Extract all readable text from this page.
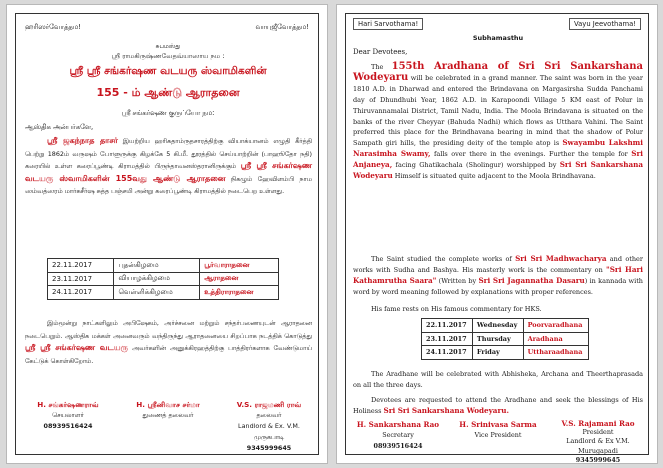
ஹரிஸர்வோத்தம!	வாயுஜீவோத்தம!
சுபமஸ்து
ஸ்ரீ ராமகிருஷ்ணவேதவ்யாஸாய நம :
ஸ்ரீ ஸ்ரீ சங்கர்ஷண வடயரு ஸ்வாமிகளின்
155 - ம் ஆண்டு ஆராதனை
ஸ்ரீ சங்கர்ஷண குருப்யோ நம:
ஆஸ்திக அன்பர்களே,
ஸ்ரீ ஜகந்நாத தாசர் இயற்றிய ஹரிகதாம்ருதசாரத்திற்கு வியாக்யானம் எழுதி கீர்த்தி பெற்று 1862ம் வருஷம் போளுருக்கு கிழக்கே 5 கி.மீ. தூரத்தில் செய்யாற்றின் (பாஹூதோ நதி) கரையில் உள்ள கரைப்பூண்டி கிராமத்தில் பிருந்தாவனஸ்தரானிருக்கும் ஸ்ரீ ஸ்ரீ சங்கர்ஷண வடயரு ஸ்வாமிகளின் 155வது ஆண்டு ஆராதனை நிகழும் ஹேவிளம்பி நாம ஸம்வத்ஸரம் மார்கசீர்ஷ சுத்த பஞ்சமி அன்று கரைப்பூண்டி கிராமத்தில் நடைபெற உள்ளது.
22.11.2017	புதன்கிழமை	பூர்வாராதனை
23.11.2017	வியாழக்கிழமை	ஆராதனை
24.11.2017	வெள்ளிக்கிழமை	உத்திராராதனை
இம்மூன்று நாட்களிலும் அபிஷேகம், அர்ச்சனை மற்றும் சந்தர்பணையுடன் ஆராதனை நடைபெறும். ஆஸ்திக மக்கள் அனைவரும் வந்திருந்து ஆராதனையை சிறப்பாக நடத்திக் கொடுத்து ஸ்ரீ ஸ்ரீ சங்கர்ஷண வடயரு அவர்களின் அனுக்கிரஹத்திற்கு பாத்திரர்களாக வேண்டுமாய் கேட்டுக் கொள்கிறோம்.
H. சங்கர்ஷணராவ்
செயலாளர்
08939516424
H. ஸ்ரீனிவாச சர்மா
துணைத் தலைவர்
V.S. ராஜமணி ராவ்
தலைவர்
Landlord & Ex. V.M.
முருகபாடி
9345999645
Hari Sarvothama!	Vayu Jeevothama!
Subhamasthu
Dear Devotees,
The 155th Aradhana of Sri Sri Sankarshana Wodeyaru will be celebrated in a grand manner. The saint was born in the year 1810 A.D. in Dharwad and entered the Brindavana on Margasirsha Sudda Panchami day of Dhundhubi Year, 1862 A.D. in Karapoondi Village 5 KM east of Polur in Thiruvannamalai District, Tamil Nadu, India. The Moola Brindavana is situated on the banks of the river Cheyyar (Bahuda Nadhi) which flows as Utthara Vahini. The Saint preferred this place for the Brindhavana bearing in mind that the shadow of Polur Sampath giri hills, the presiding deity of the temple atop is Swayambu Lakshmi Narasimha Swamy, falls over there in the evenings. Further the temple for Sri Anjaneya, facing Ghatikachala (Sholingur) worshipped by Sri Sri Sankarshana Wodeyaru Himself is situated quite adjacent to the Moola Brindhavana.
The Saint studied the complete works of Sri Sri Madhwacharya and other works with Sudha and Bashya. His masterly work is the commentary on "Sri Hari Kathamrutha Saara" (Written by Sri Sri Jagannatha Dasaru) in kannada with word by word meaning followed by explanations with proper references.
His fame rests on His famous commentary for HKS.
22.11.2017	Wednesday	Poorvaradhana
23.11.2017	Thursday	Aradhana
24.11.2017	Friday	Uttharaadhana
The Aradhane will be celebrated with Abhisheka, Archana and Theerthaprasada on all the three days.
Devotees are requested to attend the Aradhane and seek the blessings of His Holiness Sri Sri Sankarshana Wodeyaru.
H. Sankarshana Rao
Secretary
08939516424
H. Srinivasa Sarma
Vice President
V.S. Rajamani Rao
President
Landlord & Ex V.M.
Murugapadi
9345999645
